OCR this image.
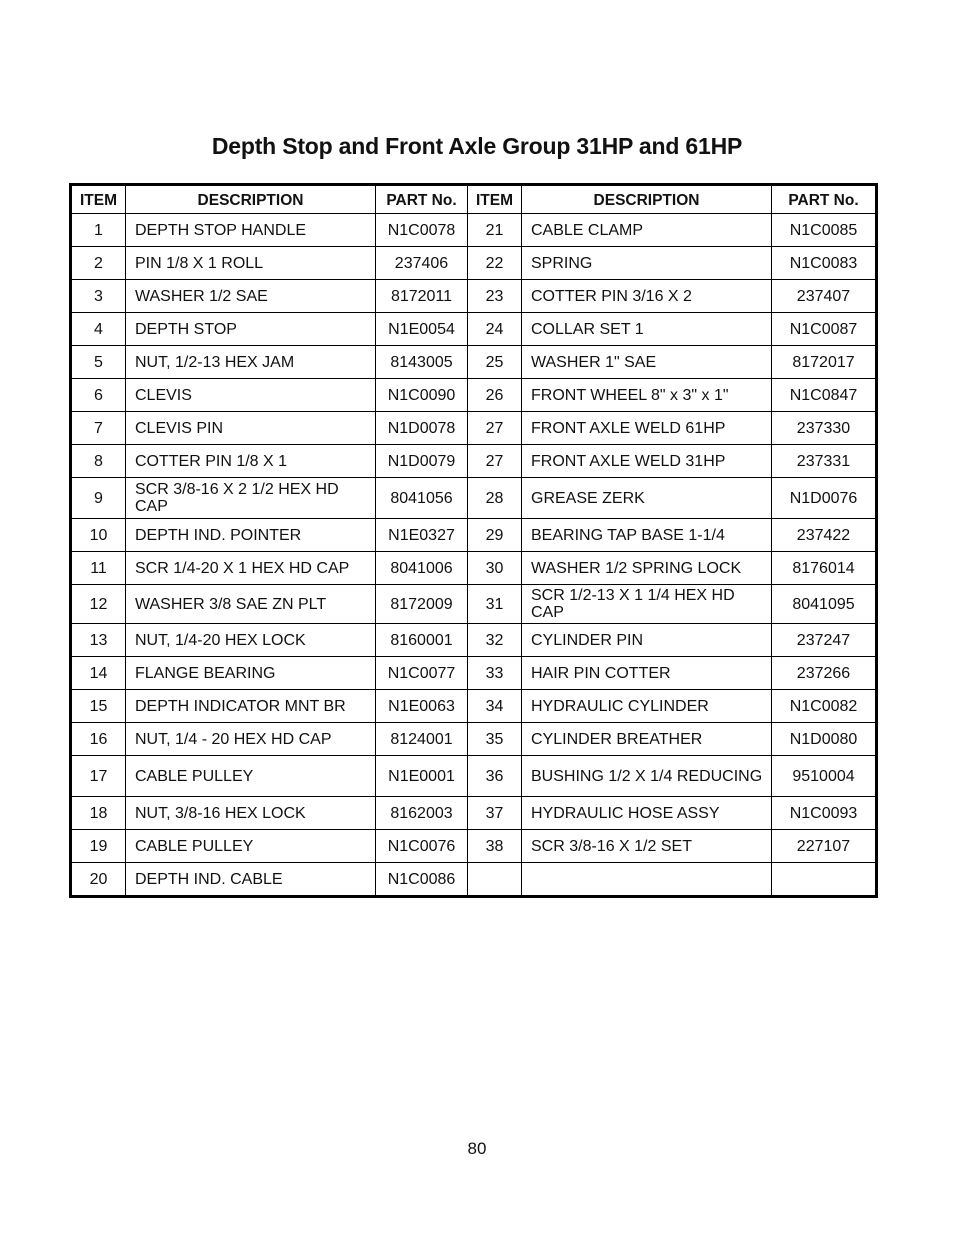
Depth Stop and Front Axle Group 31HP and 61HP
ITEM	DESCRIPTION	PART No.	ITEM	DESCRIPTION	PART No.
1	DEPTH STOP HANDLE	N1C0078	21	CABLE CLAMP	N1C0085
2	PIN 1/8 X 1 ROLL	237406	22	SPRING	N1C0083
3	WASHER 1/2 SAE	8172011	23	COTTER PIN 3/16 X 2	237407
4	DEPTH STOP	N1E0054	24	COLLAR SET 1	N1C0087
5	NUT, 1/2-13 HEX JAM	8143005	25	WASHER 1" SAE	8172017
6	CLEVIS	N1C0090	26	FRONT WHEEL 8" x 3" x 1"	N1C0847
7	CLEVIS PIN	N1D0078	27	FRONT AXLE WELD 61HP	237330
8	COTTER PIN 1/8 X 1	N1D0079	27	FRONT AXLE WELD 31HP	237331
9	SCR 3/8-16 X 2 1/2 HEX HD CAP	8041056	28	GREASE ZERK	N1D0076
10	DEPTH IND. POINTER	N1E0327	29	BEARING TAP BASE 1-1/4	237422
11	SCR 1/4-20 X 1 HEX HD CAP	8041006	30	WASHER 1/2 SPRING LOCK	8176014
12	WASHER 3/8 SAE ZN PLT	8172009	31	SCR 1/2-13 X 1 1/4 HEX HD CAP	8041095
13	NUT, 1/4-20 HEX LOCK	8160001	32	CYLINDER PIN	237247
14	FLANGE BEARING	N1C0077	33	HAIR PIN COTTER	237266
15	DEPTH INDICATOR MNT BR	N1E0063	34	HYDRAULIC CYLINDER	N1C0082
16	NUT, 1/4 - 20 HEX HD CAP	8124001	35	CYLINDER BREATHER	N1D0080
17	CABLE PULLEY	N1E0001	36	BUSHING 1/2 X 1/4 REDUCING	9510004
18	NUT, 3/8-16 HEX LOCK	8162003	37	HYDRAULIC HOSE ASSY	N1C0093
19	CABLE PULLEY	N1C0076	38	SCR 3/8-16 X 1/2 SET	227107
20	DEPTH IND. CABLE	N1C0086			
80
